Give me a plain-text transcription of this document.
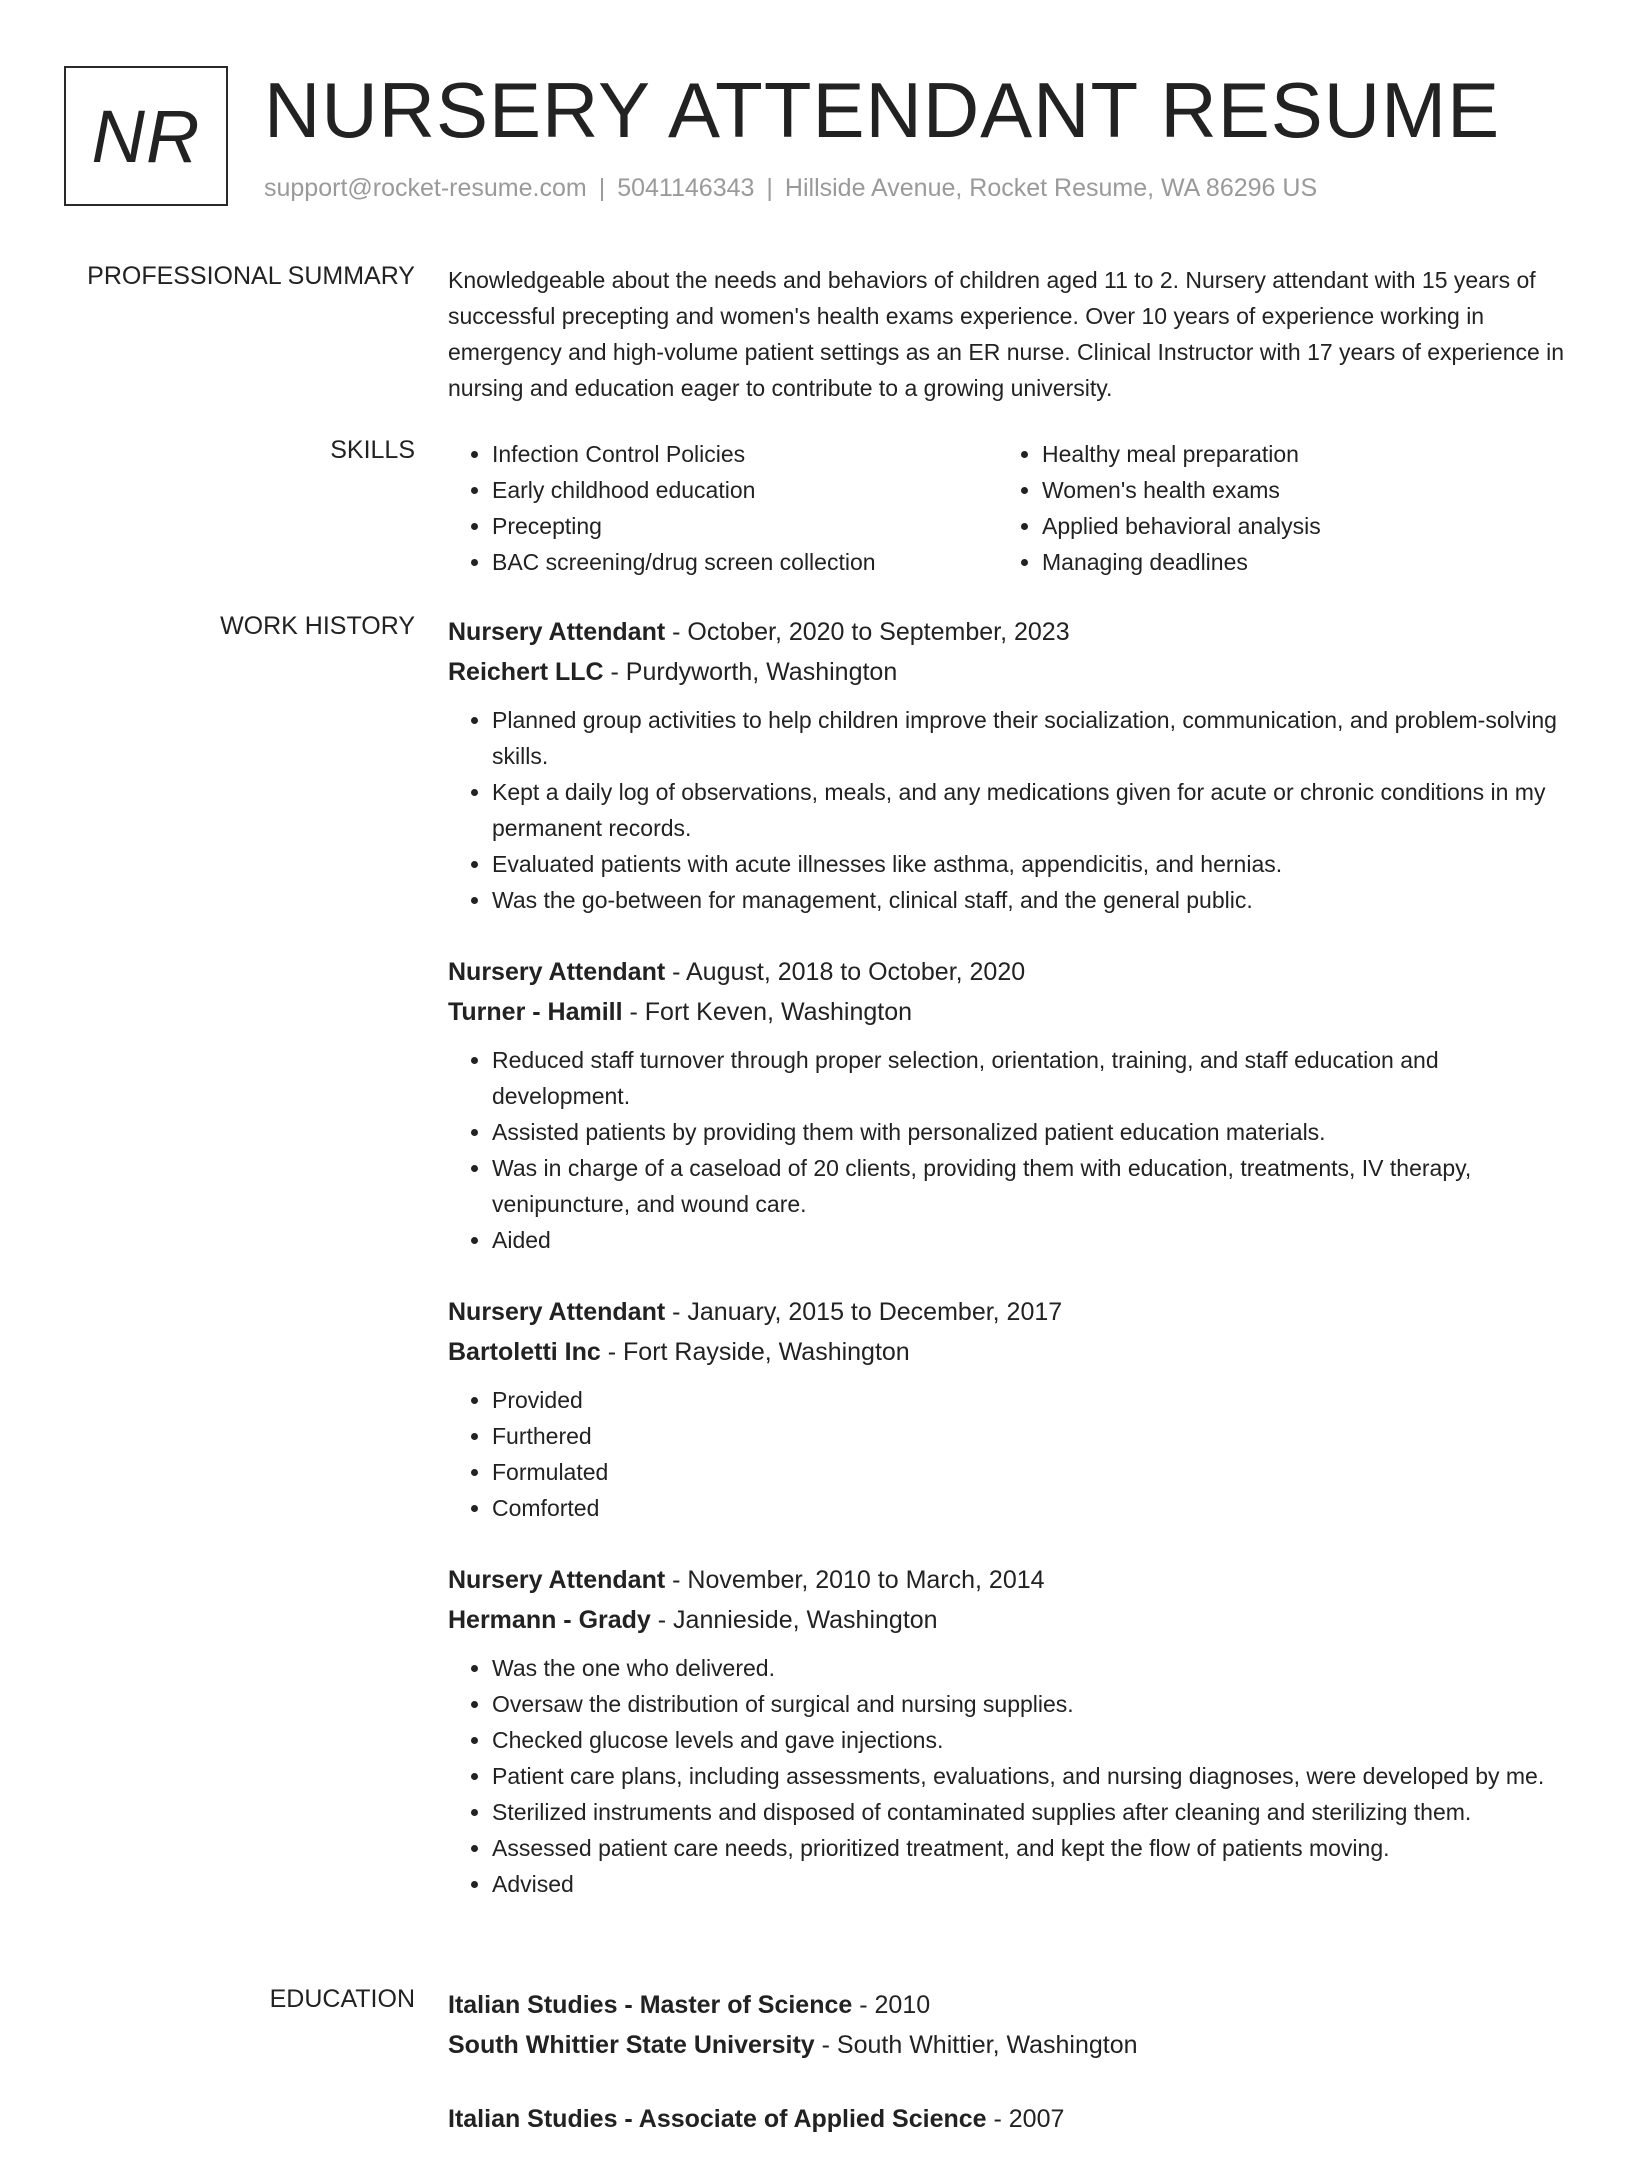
NR NURSERY ATTENDANT RESUME
support@rocket-resume.com | 5041146343 | Hillside Avenue, Rocket Resume, WA 86296 US
PROFESSIONAL SUMMARY Knowledgeable about the needs and behaviors of children aged 11 to 2. Nursery attendant with 15 years of successful precepting and women's health exams experience. Over 10 years of experience working in emergency and high-volume patient settings as an ER nurse. Clinical Instructor with 17 years of experience in nursing and education eager to contribute to a growing university.

SKILLS
•	Infection Control Policies
• Early childhood education
• Precepting
• BAC screening/drug screen collection
• Healthy meal preparation
• Women's health exams
• Applied behavioral analysis
• Managing deadlines
WORK HISTORY Nursery Attendant - October, 2020 to September, 2023
Reichert LLC - Purdyworth, Washington
• Planned group activities to help children improve their socialization, communication, and problem-solving skills.
• Kept a daily log of observations, meals, and any medications given for acute or chronic conditions in my permanent records.
• Evaluated patients with acute illnesses like asthma, appendicitis, and hernias.
• Was the go-between for management, clinical staff, and the general public.
Nursery Attendant - August, 2018 to October, 2020
Turner - Hamill - Fort Keven, Washington
• Reduced staff turnover through proper selection, orientation, training, and staff education and development.
• Assisted patients by providing them with personalized patient education materials.
• Was in charge of a caseload of 20 clients, providing them with education, treatments, IV therapy, venipuncture, and wound care.
• Aided
Nursery Attendant - January, 2015 to December, 2017
Bartoletti Inc - Fort Rayside, Washington
• Provided
• Furthered
• Formulated
• Comforted
Nursery Attendant - November, 2010 to March, 2014
Hermann - Grady - Jannieside, Washington
• Was the one who delivered.
• Oversaw the distribution of surgical and nursing supplies.
• Checked glucose levels and gave injections.
• Patient care plans, including assessments, evaluations, and nursing diagnoses, were developed by me.
• Sterilized instruments and disposed of contaminated supplies after cleaning and sterilizing them.
• Assessed patient care needs, prioritized treatment, and kept the flow of patients moving.
• Advised
EDUCATION Italian Studies - Master of Science - 2010
South Whittier State University - South Whittier, Washington
Italian Studies - Associate of Applied Science - 2007
